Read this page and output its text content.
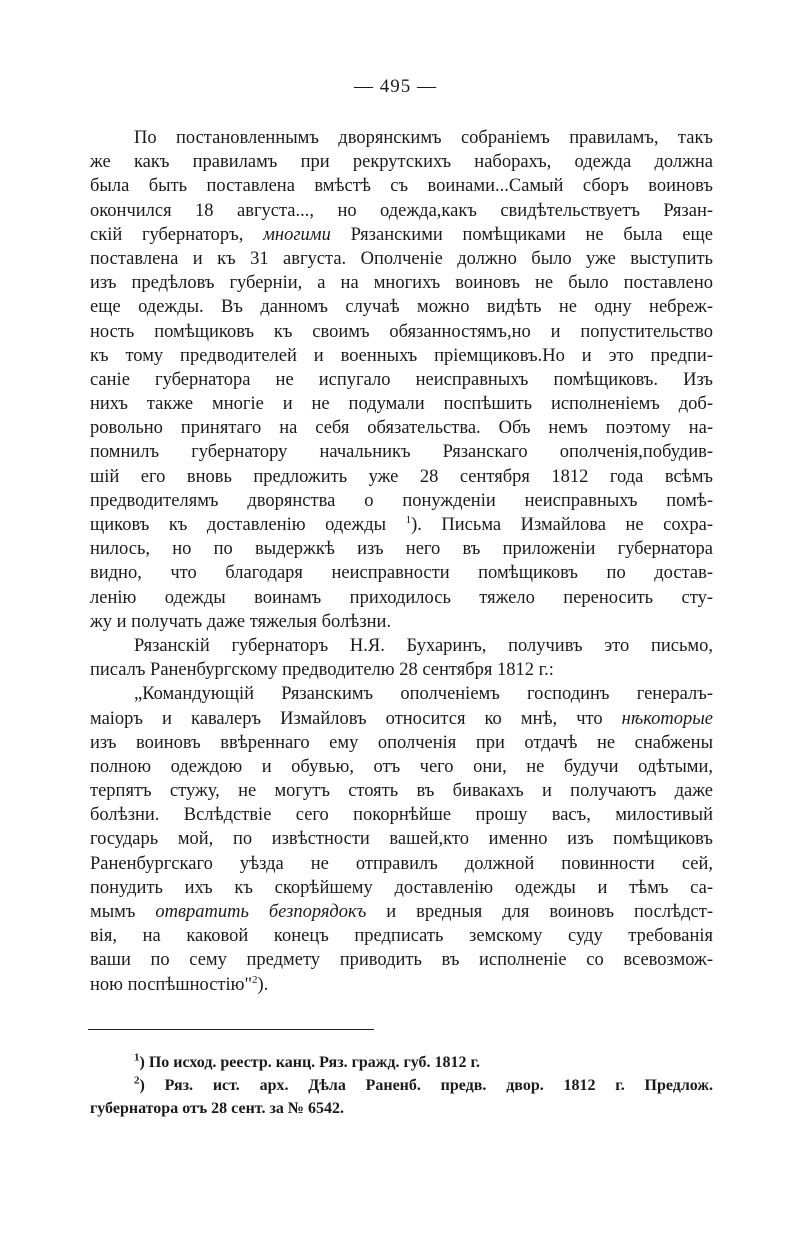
— 495 —
По постановленнымъ дворянскимъ собраніемъ правиламъ, такъ
же какъ правиламъ при рекрутскихъ наборахъ, одежда должна
была быть поставлена вмѣстѣ съ воинами...Самый сборъ воиновъ
окончился 18 августа..., но одежда,какъ свидѣтельствуетъ Рязан-
скій губернаторъ, многими Рязанскими помѣщиками не была еще
поставлена и къ 31 августа. Ополченіе должно было уже выступить
изъ предѣловъ губерніи, а на многихъ воиновъ не было поставлено
еще одежды. Въ данномъ случаѣ можно видѣть не одну небреж-
ность помѣщиковъ къ своимъ обязанностямъ,но и попустительство
къ тому предводителей и военныхъ пріемщиковъ.Но и это предпи-
саніе губернатора не испугало неисправныхъ помѣщиковъ. Изъ
нихъ также многіе и не подумали поспѣшить исполненіемъ доб-
ровольно принятаго на себя обязательства. Объ немъ поэтому на-
помнилъ губернатору начальникъ Рязанскаго ополченія,побудив-
шій его вновь предложить уже 28 сентября 1812 года всѣмъ
предводителямъ дворянства о понужденіи неисправныхъ помѣ-
щиковъ къ доставленію одежды $^1$). Письма Измайлова не сохра-
нилось, но по выдержкѣ изъ него въ приложеніи губернатора
видно, что благодаря неисправности помѣщиковъ по достав-
ленію одежды воинамъ приходилось тяжело переносить сту-
жу и получать даже тяжелыя болѣзни.
Рязанскій губернаторъ Н.Я. Бухаринъ, получивъ это письмо,
писалъ Раненбургскому предводителю 28 сентября 1812 г.:
„Командующій Рязанскимъ ополченіемъ господинъ генералъ-
маіоръ и кавалеръ Измайловъ относится ко мнѣ, что нѣкоторые
изъ воиновъ ввѣреннаго ему ополченія при отдачѣ не снабжены
полною одеждою и обувью, отъ чего они, не будучи одѣтыми,
терпятъ стужу, не могутъ стоять въ бивакахъ и получаютъ даже
болѣзни. Вслѣдствіе сего покорнѣйше прошу васъ, милостивый
государь мой, по извѣстности вашей,кто именно изъ помѣщиковъ
Раненбургскаго уѣзда не отправилъ должной повинности сей,
понудить ихъ къ скорѣйшему доставленію одежды и тѣмъ са-
мымъ отвратить безпорядокъ и вредныя для воиновъ послѣдст-
вія, на каковой конецъ предписать земскому суду требованія
ваши по сему предмету приводить въ исполненіе со всевозмож-
ною поспѣшностію"$^2$).
$^1$) По исход. реестр. канц. Ряз. гражд. губ. 1812 г.
$^2$) Ряз. ист. арх. Дѣла Раненб. предв. двор. 1812 г. Предлож.
губернатора отъ 28 сент. за № 6542.
